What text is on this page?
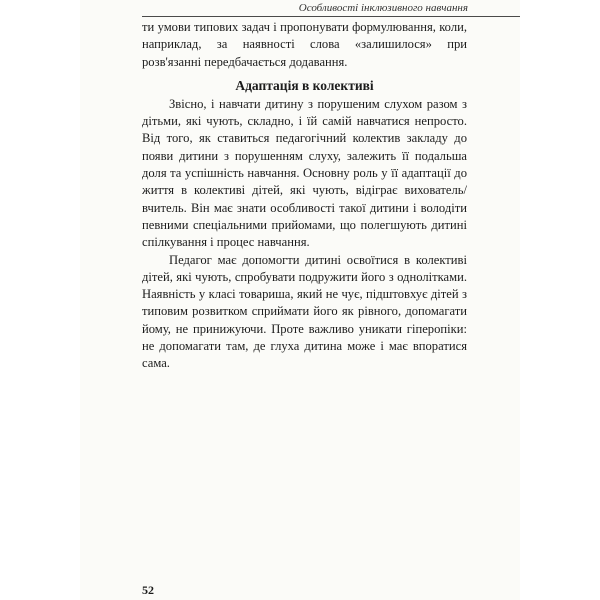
Особливості інклюзивного навчання

ти умови типових задач і пропонувати формулювання, коли, наприклад, за наявності слова «залишилося» при розв'язанні передбачається додавання.

Адаптація в колективі

Звісно, і навчати дитину з порушеним слухом разом з дітьми, які чують, складно, і їй самій навчатися непросто. Від того, як ставиться педагогічний колектив закладу до появи дитини з порушенням слуху, залежить її подальша доля та успішність навчання. Основну роль у її адаптації до життя в колективі дітей, які чують, відіграє вихователь/вчитель. Він має знати особливості такої дитини і володіти певними спеціальними прийомами, що полегшують дитині спілкування і процес навчання.

Педагог має допомогти дитині освоїтися в колективі дітей, які чують, спробувати подружити його з однолітками. Наявність у класі товариша, який не чує, підштовхує дітей з типовим розвитком сприймати його як рівного, допомагати йому, не принижуючи. Проте важливо уникати гіперопіки: не допомагати там, де глуха дитина може і має впоратися сама.

52
